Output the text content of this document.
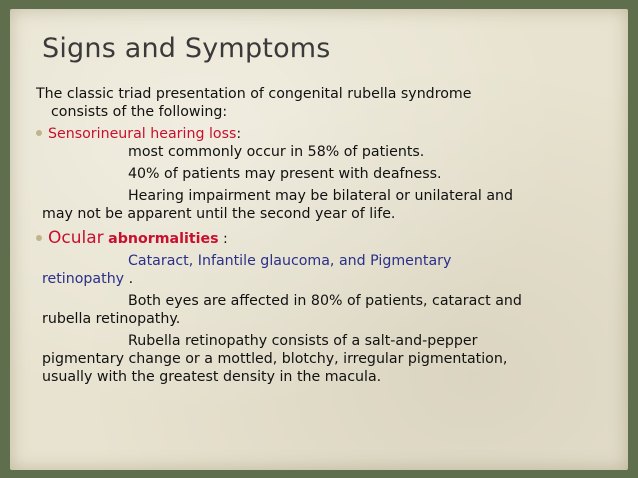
Signs and Symptoms
The classic triad presentation of congenital rubella syndrome
consists of the following:
Sensorineural hearing loss:
most commonly occur in 58% of patients.
40% of patients may present with deafness.
Hearing impairment may be bilateral or unilateral and
may not be apparent until the second year of life.
Ocular abnormalities :
Cataract, Infantile glaucoma, and Pigmentary
retinopathy .
Both eyes are affected in 80% of patients, cataract and
rubella retinopathy.
Rubella retinopathy consists of a salt-and-pepper
pigmentary change or a mottled, blotchy, irregular pigmentation,
usually with the greatest density in the macula.
